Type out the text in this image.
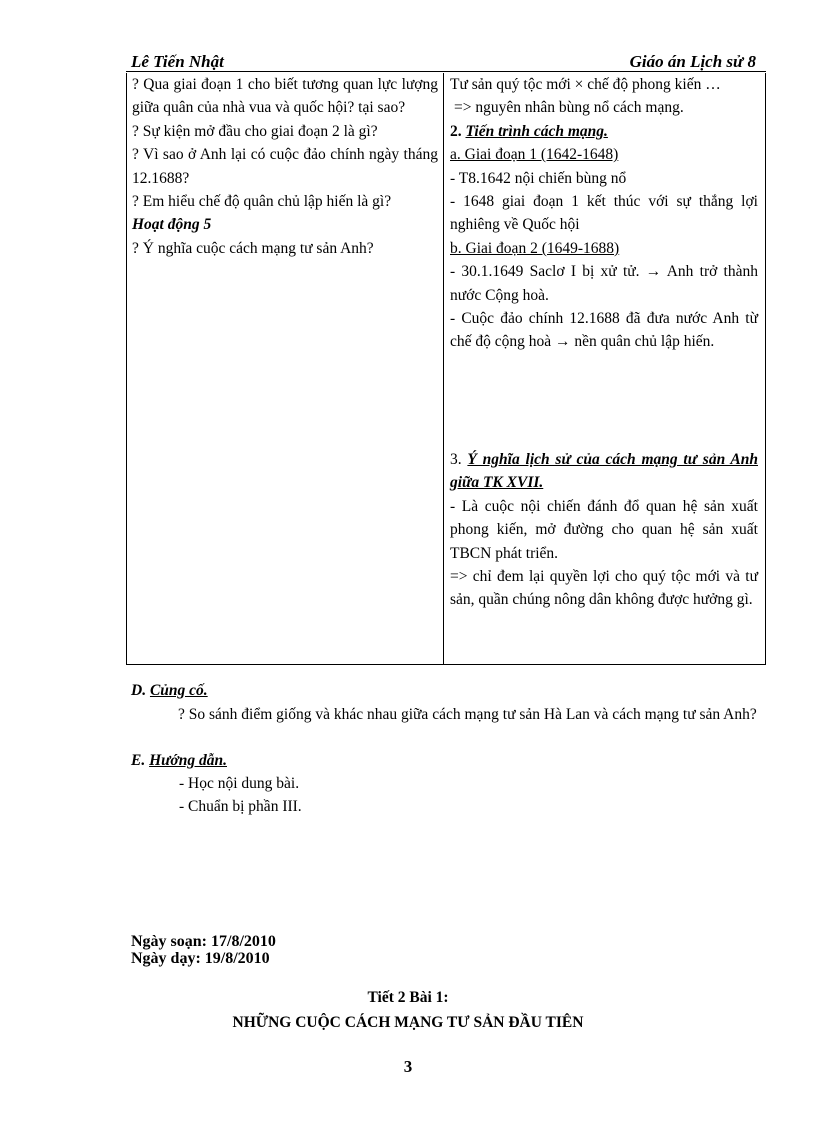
Lê Tiến Nhật	Giáo án Lịch sử 8

? Qua giai đoạn 1 cho biết tương quan lực lượng giữa quân của nhà vua và quốc hội? tại sao?

? Sự kiện mở đầu cho giai đoạn 2 là gì?

? Vì sao ở Anh lại có cuộc đảo chính ngày tháng 12.1688?

? Em hiểu chế độ quân chủ lập hiến là gì?

Hoạt động 5

? Ý nghĩa cuộc cách mạng tư sản Anh?

Tư sản quý tộc mới × chế độ phong kiến …

=> nguyên nhân bùng nổ cách mạng.

2. Tiến trình cách mạng.

a. Giai đoạn 1 (1642-1648)

- T8.1642 nội chiến bùng nổ

- 1648 giai đoạn 1 kết thúc với sự thắng lợi nghiêng về Quốc hội

b. Giai đoạn 2 (1649-1688)

- 30.1.1649 Saclơ I bị xử tử. → Anh trở thành nước Cộng hoà.

- Cuộc đảo chính 12.1688 đã đưa nước Anh từ chế độ cộng hoà → nền quân chủ lập hiến.

3. Ý nghĩa lịch sử của cách mạng tư sản Anh giữa TK XVII.

- Là cuộc nội chiến đánh đổ quan hệ sản xuất phong kiến, mở đường cho quan hệ sản xuất TBCN phát triển.

=> chỉ đem lại quyền lợi cho quý tộc mới và tư sản, quần chúng nông dân không được hưởng gì.

D. Củng cố.
? So sánh điểm giống và khác nhau giữa cách mạng tư sản Hà Lan và cách mạng tư sản Anh?
E. Hướng dẫn.
- Học nội dung bài.
- Chuẩn bị phần III.
Ngày soạn: 17/8/2010
Ngày dạy: 19/8/2010
Tiết 2 Bài 1:
NHỮNG CUỘC CÁCH MẠNG TƯ SẢN ĐẦU TIÊN
3
